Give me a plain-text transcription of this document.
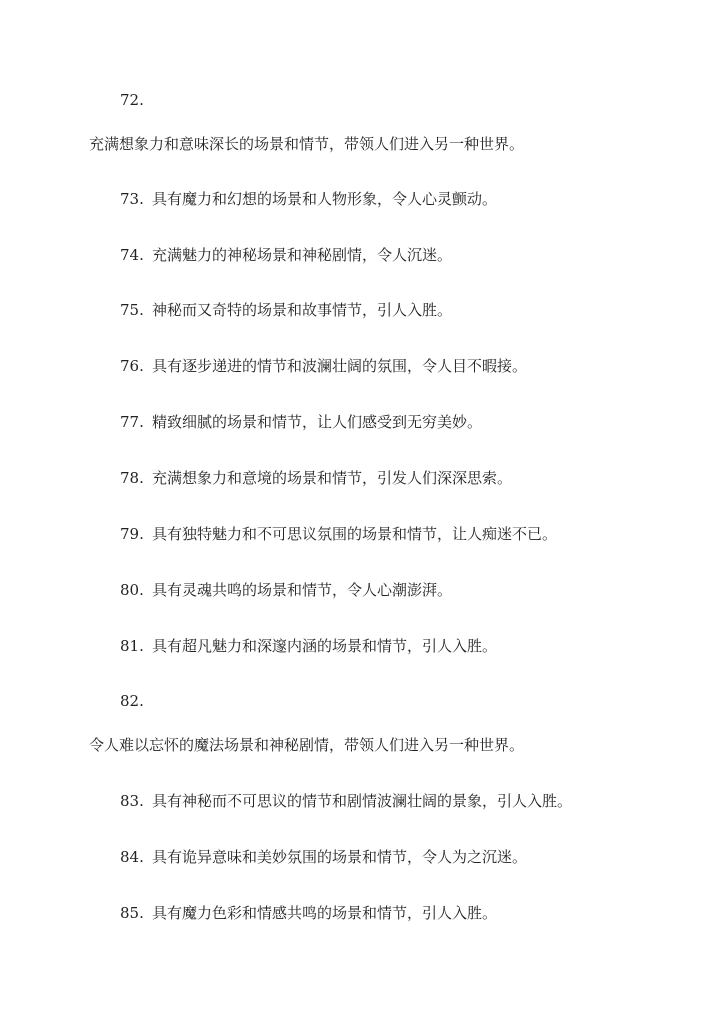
72.

充满想象力和意味深长的场景和情节，带领人们进入另一种世界。

73. 具有魔力和幻想的场景和人物形象，令人心灵颤动。
74. 充满魅力的神秘场景和神秘剧情，令人沉迷。
75. 神秘而又奇特的场景和故事情节，引人入胜。
76. 具有逐步递进的情节和波澜壮阔的氛围，令人目不暇接。
77. 精致细腻的场景和情节，让人们感受到无穷美妙。
78. 充满想象力和意境的场景和情节，引发人们深深思索。
79. 具有独特魅力和不可思议氛围的场景和情节，让人痴迷不已。
80. 具有灵魂共鸣的场景和情节，令人心潮澎湃。
81. 具有超凡魅力和深邃内涵的场景和情节，引人入胜。

82.

令人难以忘怀的魔法场景和神秘剧情，带领人们进入另一种世界。

83. 具有神秘而不可思议的情节和剧情波澜壮阔的景象，引人入胜。
84. 具有诡异意味和美妙氛围的场景和情节，令人为之沉迷。
85. 具有魔力色彩和情感共鸣的场景和情节，引人入胜。
